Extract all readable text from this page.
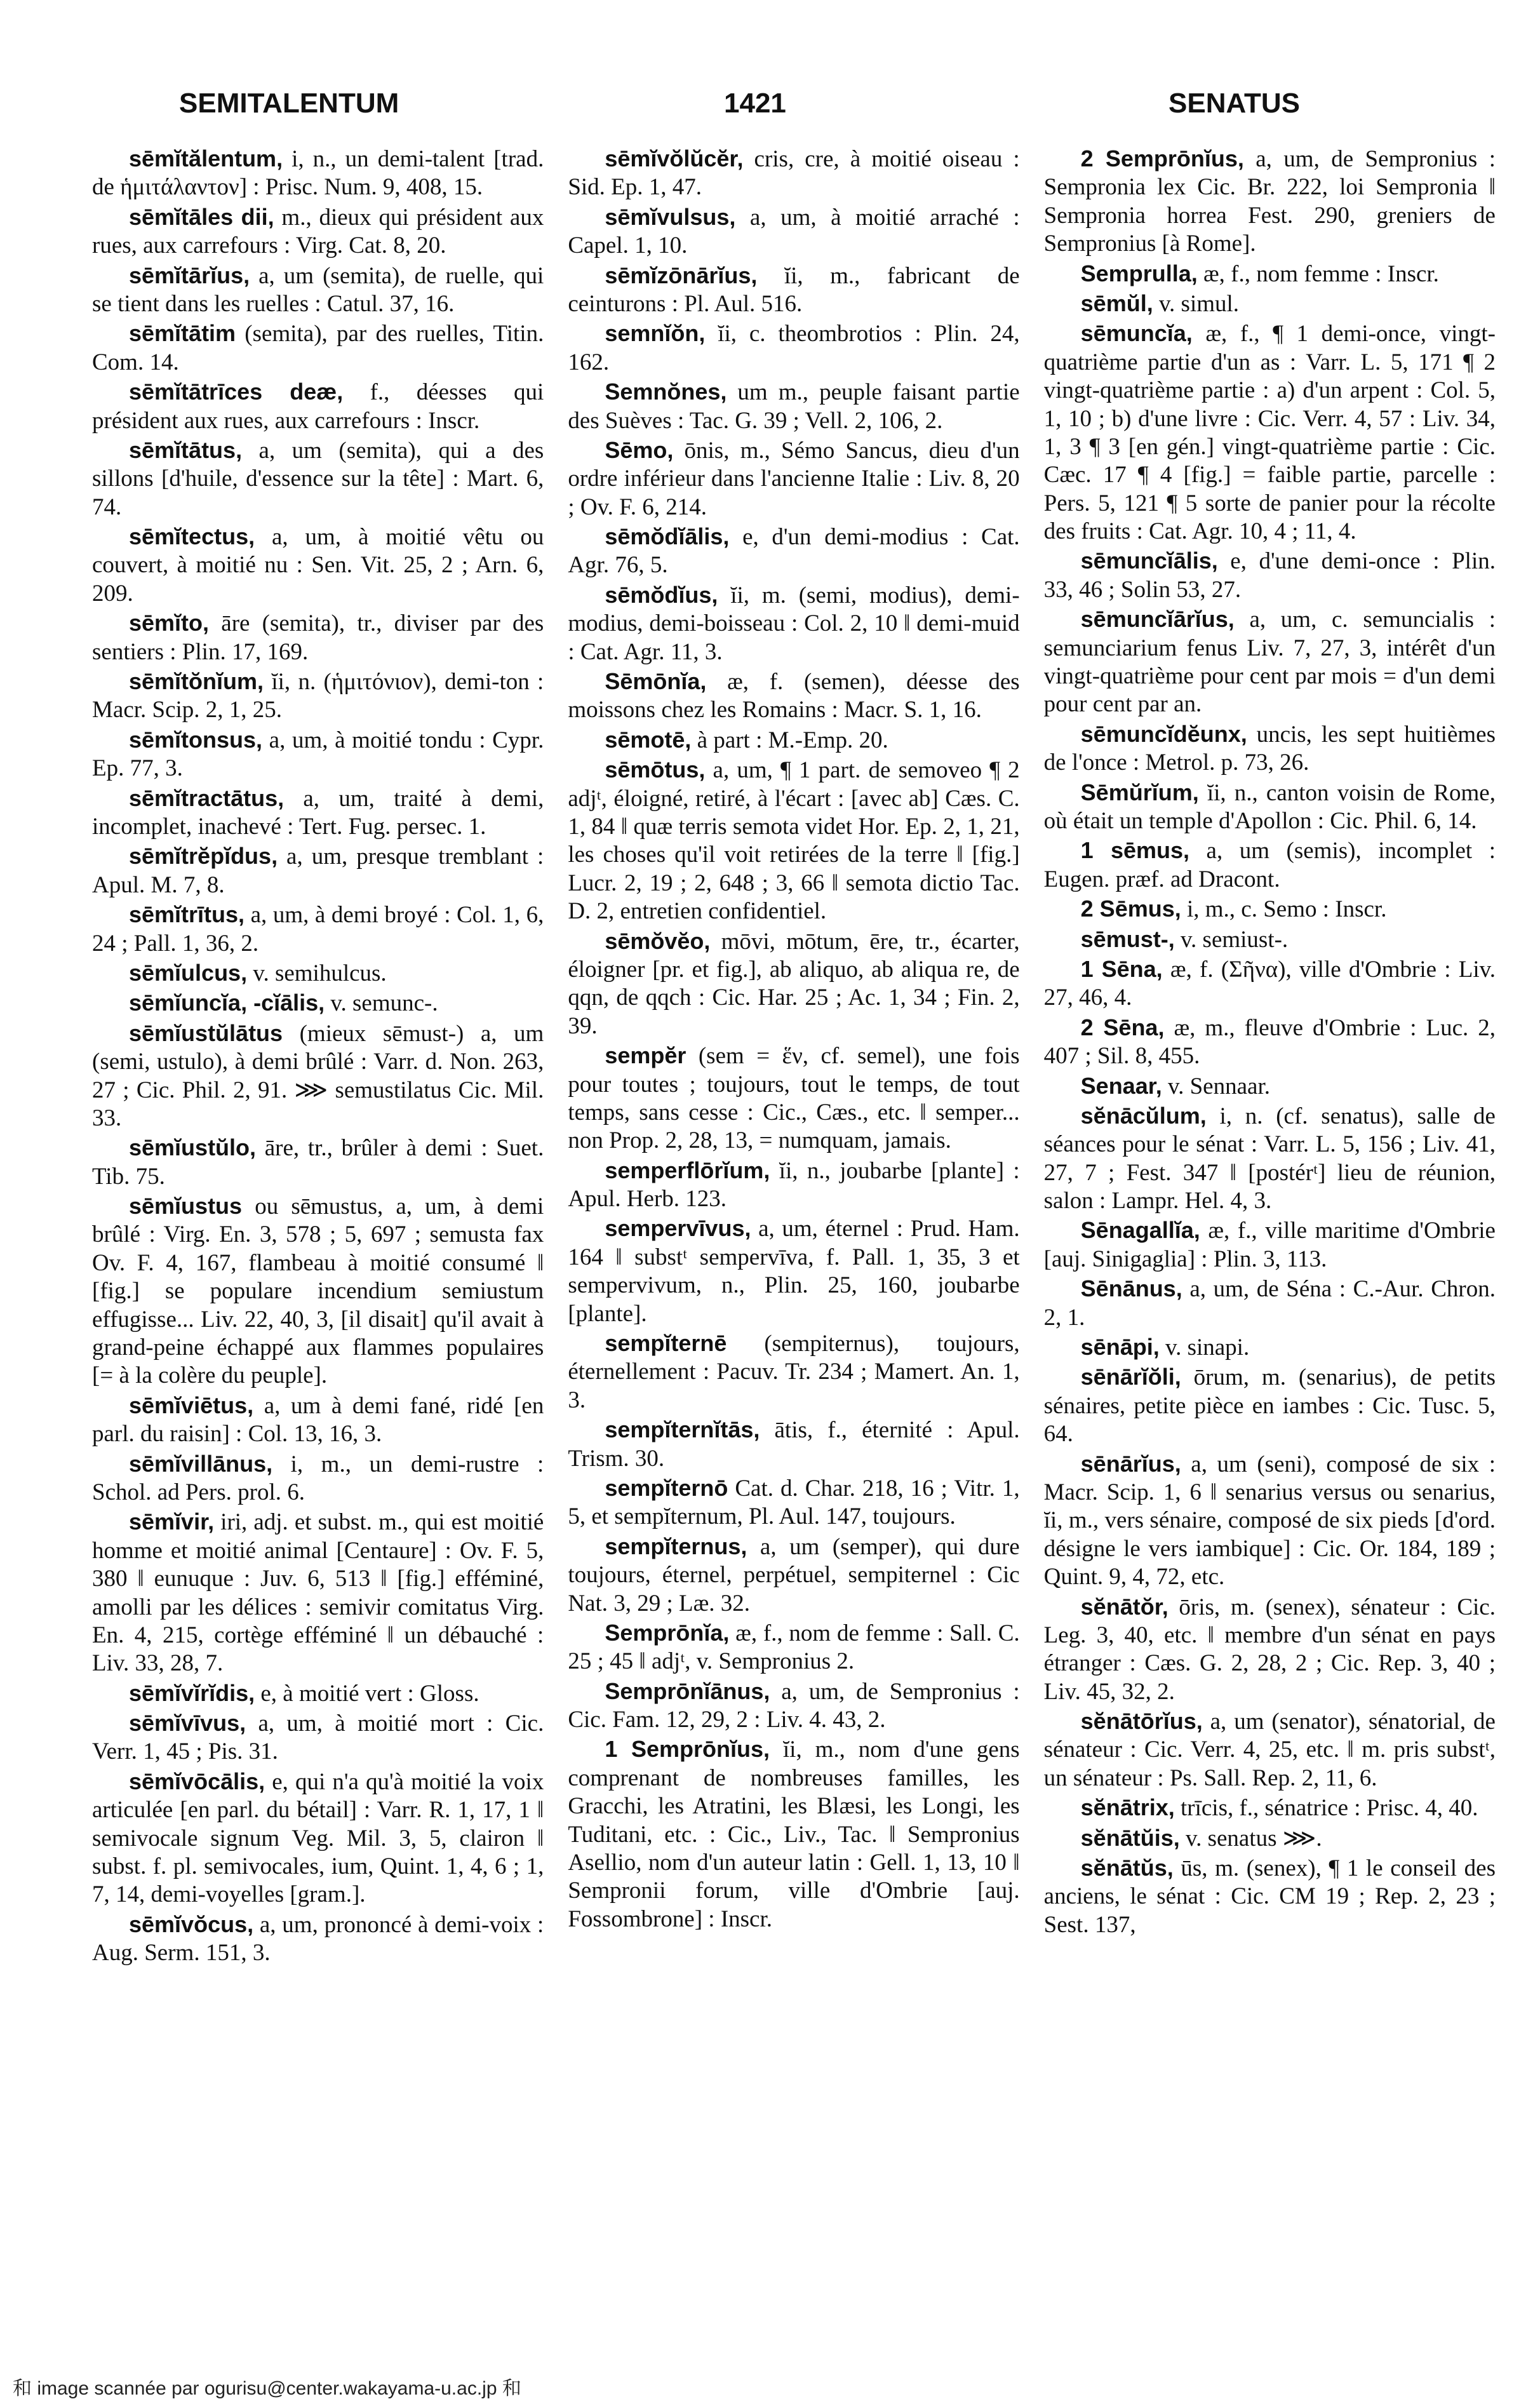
SEMITALENTUM	1421	SENATUS

sēmĭtălentum, i, n., un demi-talent [trad. de ἡμιτάλαντον] : Prisc. Num. 9, 408, 15.

sēmĭtāles dii, m., dieux qui président aux rues, aux carrefours : Virg. Cat. 8, 20.

sēmĭtārĭus, a, um (semita), de ruelle, qui se tient dans les ruelles : Catul. 37, 16.

sēmĭtātim (semita), par des ruelles, Titin. Com. 14.

sēmĭtātrīces deæ, f., déesses qui président aux rues, aux carrefours : Inscr.

sēmĭtātus, a, um (semita), qui a des sillons [d'huile, d'essence sur la tête] : Mart. 6, 74.

sēmĭtectus, a, um, à moitié vêtu ou couvert, à moitié nu : Sen. Vit. 25, 2 ; Arn. 6, 209.

sēmĭto, āre (semita), tr., diviser par des sentiers : Plin. 17, 169.

sēmĭtŏnĭum, ĭi, n. (ἡμιτόνιον), demi-ton : Macr. Scip. 2, 1, 25.

sēmĭtonsus, a, um, à moitié tondu : Cypr. Ep. 77, 3.

sēmĭtractātus, a, um, traité à demi, incomplet, inachevé : Tert. Fug. persec. 1.

sēmĭtrĕpĭdus, a, um, presque tremblant : Apul. M. 7, 8.

sēmĭtrītus, a, um, à demi broyé : Col. 1, 6, 24 ; Pall. 1, 36, 2.

sēmĭulcus, v. semihulcus.

sēmĭuncĭa, -cĭālis, v. semunc-.

sēmĭustŭlātus (mieux sēmust-) a, um (semi, ustulo), à demi brûlé : Varr. d. Non. 263, 27 ; Cic. Phil. 2, 91. ⋙ semustilatus Cic. Mil. 33.

sēmĭustŭlo, āre, tr., brûler à demi : Suet. Tib. 75.

sēmĭustus ou sēmustus, a, um, à demi brûlé : Virg. En. 3, 578 ; 5, 697 ; semusta fax Ov. F. 4, 167, flambeau à moitié consumé ‖ [fig.] se populare incendium semiustum effugisse... Liv. 22, 40, 3, [il disait] qu'il avait à grand-peine échappé aux flammes populaires [= à la colère du peuple].

sēmĭviētus, a, um à demi fané, ridé [en parl. du raisin] : Col. 13, 16, 3.

sēmĭvillānus, i, m., un demi-rustre : Schol. ad Pers. prol. 6.

sēmĭvir, iri, adj. et subst. m., qui est moitié homme et moitié animal [Centaure] : Ov. F. 5, 380 ‖ eunuque : Juv. 6, 513 ‖ [fig.] efféminé, amolli par les délices : semivir comitatus Virg. En. 4, 215, cortège efféminé ‖ un débauché : Liv. 33, 28, 7.

sēmĭvĭrĭdis, e, à moitié vert : Gloss.

sēmĭvīvus, a, um, à moitié mort : Cic. Verr. 1, 45 ; Pis. 31.

sēmĭvōcālis, e, qui n'a qu'à moitié la voix articulée [en parl. du bétail] : Varr. R. 1, 17, 1 ‖ semivocale signum Veg. Mil. 3, 5, clairon ‖ subst. f. pl. semivocales, ium, Quint. 1, 4, 6 ; 1, 7, 14, demi-voyelles [gram.].

sēmĭvŏcus, a, um, prononcé à demi-voix : Aug. Serm. 151, 3.

sēmĭvŏlŭcĕr, cris, cre, à moitié oiseau : Sid. Ep. 1, 47.

sēmĭvulsus, a, um, à moitié arraché : Capel. 1, 10.

sēmĭzōnārĭus, ĭi, m., fabricant de ceinturons : Pl. Aul. 516.

semnĭŏn, ĭi, c. theombrotios : Plin. 24, 162.

Semnŏnes, um m., peuple faisant partie des Suèves : Tac. G. 39 ; Vell. 2, 106, 2.

Sēmo, ōnis, m., Sémo Sancus, dieu d'un ordre inférieur dans l'ancienne Italie : Liv. 8, 20 ; Ov. F. 6, 214.

sēmŏdĭālis, e, d'un demi-modius : Cat. Agr. 76, 5.

sēmŏdĭus, ĭi, m. (semi, modius), demi-modius, demi-boisseau : Col. 2, 10 ‖ demi-muid : Cat. Agr. 11, 3.

Sēmōnĭa, æ, f. (semen), déesse des moissons chez les Romains : Macr. S. 1, 16.

sēmotē, à part : M.-Emp. 20.

sēmōtus, a, um, ¶ 1 part. de semoveo ¶ 2 adjᵗ, éloigné, retiré, à l'écart : [avec ab] Cæs. C. 1, 84 ‖ quæ terris semota videt Hor. Ep. 2, 1, 21, les choses qu'il voit retirées de la terre ‖ [fig.] Lucr. 2, 19 ; 2, 648 ; 3, 66 ‖ semota dictio Tac. D. 2, entretien confidentiel.

sēmŏvĕo, mōvi, mōtum, ēre, tr., écarter, éloigner [pr. et fig.], ab aliquo, ab aliqua re, de qqn, de qqch : Cic. Har. 25 ; Ac. 1, 34 ; Fin. 2, 39.

sempĕr (sem = ἕν, cf. semel), une fois pour toutes ; toujours, tout le temps, de tout temps, sans cesse : Cic., Cæs., etc. ‖ semper... non Prop. 2, 28, 13, = numquam, jamais.

semperflōrĭum, ĭi, n., joubarbe [plante] : Apul. Herb. 123.

sempervīvus, a, um, éternel : Prud. Ham. 164 ‖ substᵗ sempervīva, f. Pall. 1, 35, 3 et sempervivum, n., Plin. 25, 160, joubarbe [plante].

sempĭternē (sempiternus), toujours, éternellement : Pacuv. Tr. 234 ; Mamert. An. 1, 3.

sempĭternĭtās, ātis, f., éternité : Apul. Trism. 30.

sempĭternō Cat. d. Char. 218, 16 ; Vitr. 1, 5, et sempĭternum, Pl. Aul. 147, toujours.

sempĭternus, a, um (semper), qui dure toujours, éternel, perpétuel, sempiternel : Cic Nat. 3, 29 ; Læ. 32.

Semprōnĭa, æ, f., nom de femme : Sall. C. 25 ; 45 ‖ adjᵗ, v. Sempronius 2.

Semprōnĭānus, a, um, de Sempronius : Cic. Fam. 12, 29, 2 : Liv. 4. 43, 2.

1 Semprōnĭus, ĭi, m., nom d'une gens comprenant de nombreuses familles, les Gracchi, les Atratini, les Blæsi, les Longi, les Tuditani, etc. : Cic., Liv., Tac. ‖ Sempronius Asellio, nom d'un auteur latin : Gell. 1, 13, 10 ‖ Sempronii forum, ville d'Ombrie [auj. Fossombrone] : Inscr.

2 Semprōnĭus, a, um, de Sempronius : Sempronia lex Cic. Br. 222, loi Sempronia ‖ Sempronia horrea Fest. 290, greniers de Sempronius [à Rome].

Semprulla, æ, f., nom femme : Inscr.

sēmŭl, v. simul.

sēmuncĭa, æ, f., ¶ 1 demi-once, vingt-quatrième partie d'un as : Varr. L. 5, 171 ¶ 2 vingt-quatrième partie : a) d'un arpent : Col. 5, 1, 10 ; b) d'une livre : Cic. Verr. 4, 57 : Liv. 34, 1, 3 ¶ 3 [en gén.] vingt-quatrième partie : Cic. Cæc. 17 ¶ 4 [fig.] = faible partie, parcelle : Pers. 5, 121 ¶ 5 sorte de panier pour la récolte des fruits : Cat. Agr. 10, 4 ; 11, 4.

sēmuncĭālis, e, d'une demi-once : Plin. 33, 46 ; Solin 53, 27.

sēmuncĭārĭus, a, um, c. semuncialis : semunciarium fenus Liv. 7, 27, 3, intérêt d'un vingt-quatrième pour cent par mois = d'un demi pour cent par an.

sēmuncĭdĕunx, uncis, les sept huitièmes de l'once : Metrol. p. 73, 26.

Sēmŭrĭum, ĭi, n., canton voisin de Rome, où était un temple d'Apollon : Cic. Phil. 6, 14.

1 sēmus, a, um (semis), incomplet : Eugen. præf. ad Dracont.

2 Sēmus, i, m., c. Semo : Inscr.

sēmust-, v. semiust-.

1 Sēna, æ, f. (Σῆνα), ville d'Ombrie : Liv. 27, 46, 4.

2 Sēna, æ, m., fleuve d'Ombrie : Luc. 2, 407 ; Sil. 8, 455.

Senaar, v. Sennaar.

sĕnācŭlum, i, n. (cf. senatus), salle de séances pour le sénat : Varr. L. 5, 156 ; Liv. 41, 27, 7 ; Fest. 347 ‖ [postérᵗ] lieu de réunion, salon : Lampr. Hel. 4, 3.

Sēnagallĭa, æ, f., ville maritime d'Ombrie [auj. Sinigaglia] : Plin. 3, 113.

Sēnānus, a, um, de Séna : C.-Aur. Chron. 2, 1.

sēnāpi, v. sinapi.

sēnārĭŏli, ōrum, m. (senarius), de petits sénaires, petite pièce en iambes : Cic. Tusc. 5, 64.

sēnārĭus, a, um (seni), composé de six : Macr. Scip. 1, 6 ‖ senarius versus ou senarius, ĭi, m., vers sénaire, composé de six pieds [d'ord. désigne le vers iambique] : Cic. Or. 184, 189 ; Quint. 9, 4, 72, etc.

sĕnātŏr, ōris, m. (senex), sénateur : Cic. Leg. 3, 40, etc. ‖ membre d'un sénat en pays étranger : Cæs. G. 2, 28, 2 ; Cic. Rep. 3, 40 ; Liv. 45, 32, 2.

sĕnātōrĭus, a, um (senator), sénatorial, de sénateur : Cic. Verr. 4, 25, etc. ‖ m. pris substᵗ, un sénateur : Ps. Sall. Rep. 2, 11, 6.

sĕnātrix, trīcis, f., sénatrice : Prisc. 4, 40.

sĕnātŭis, v. senatus ⋙.

sĕnātŭs, ūs, m. (senex), ¶ 1 le conseil des anciens, le sénat : Cic. CM 19 ; Rep. 2, 23 ; Sest. 137,

和 image scannée par ogurisu@center.wakayama-u.ac.jp 和
